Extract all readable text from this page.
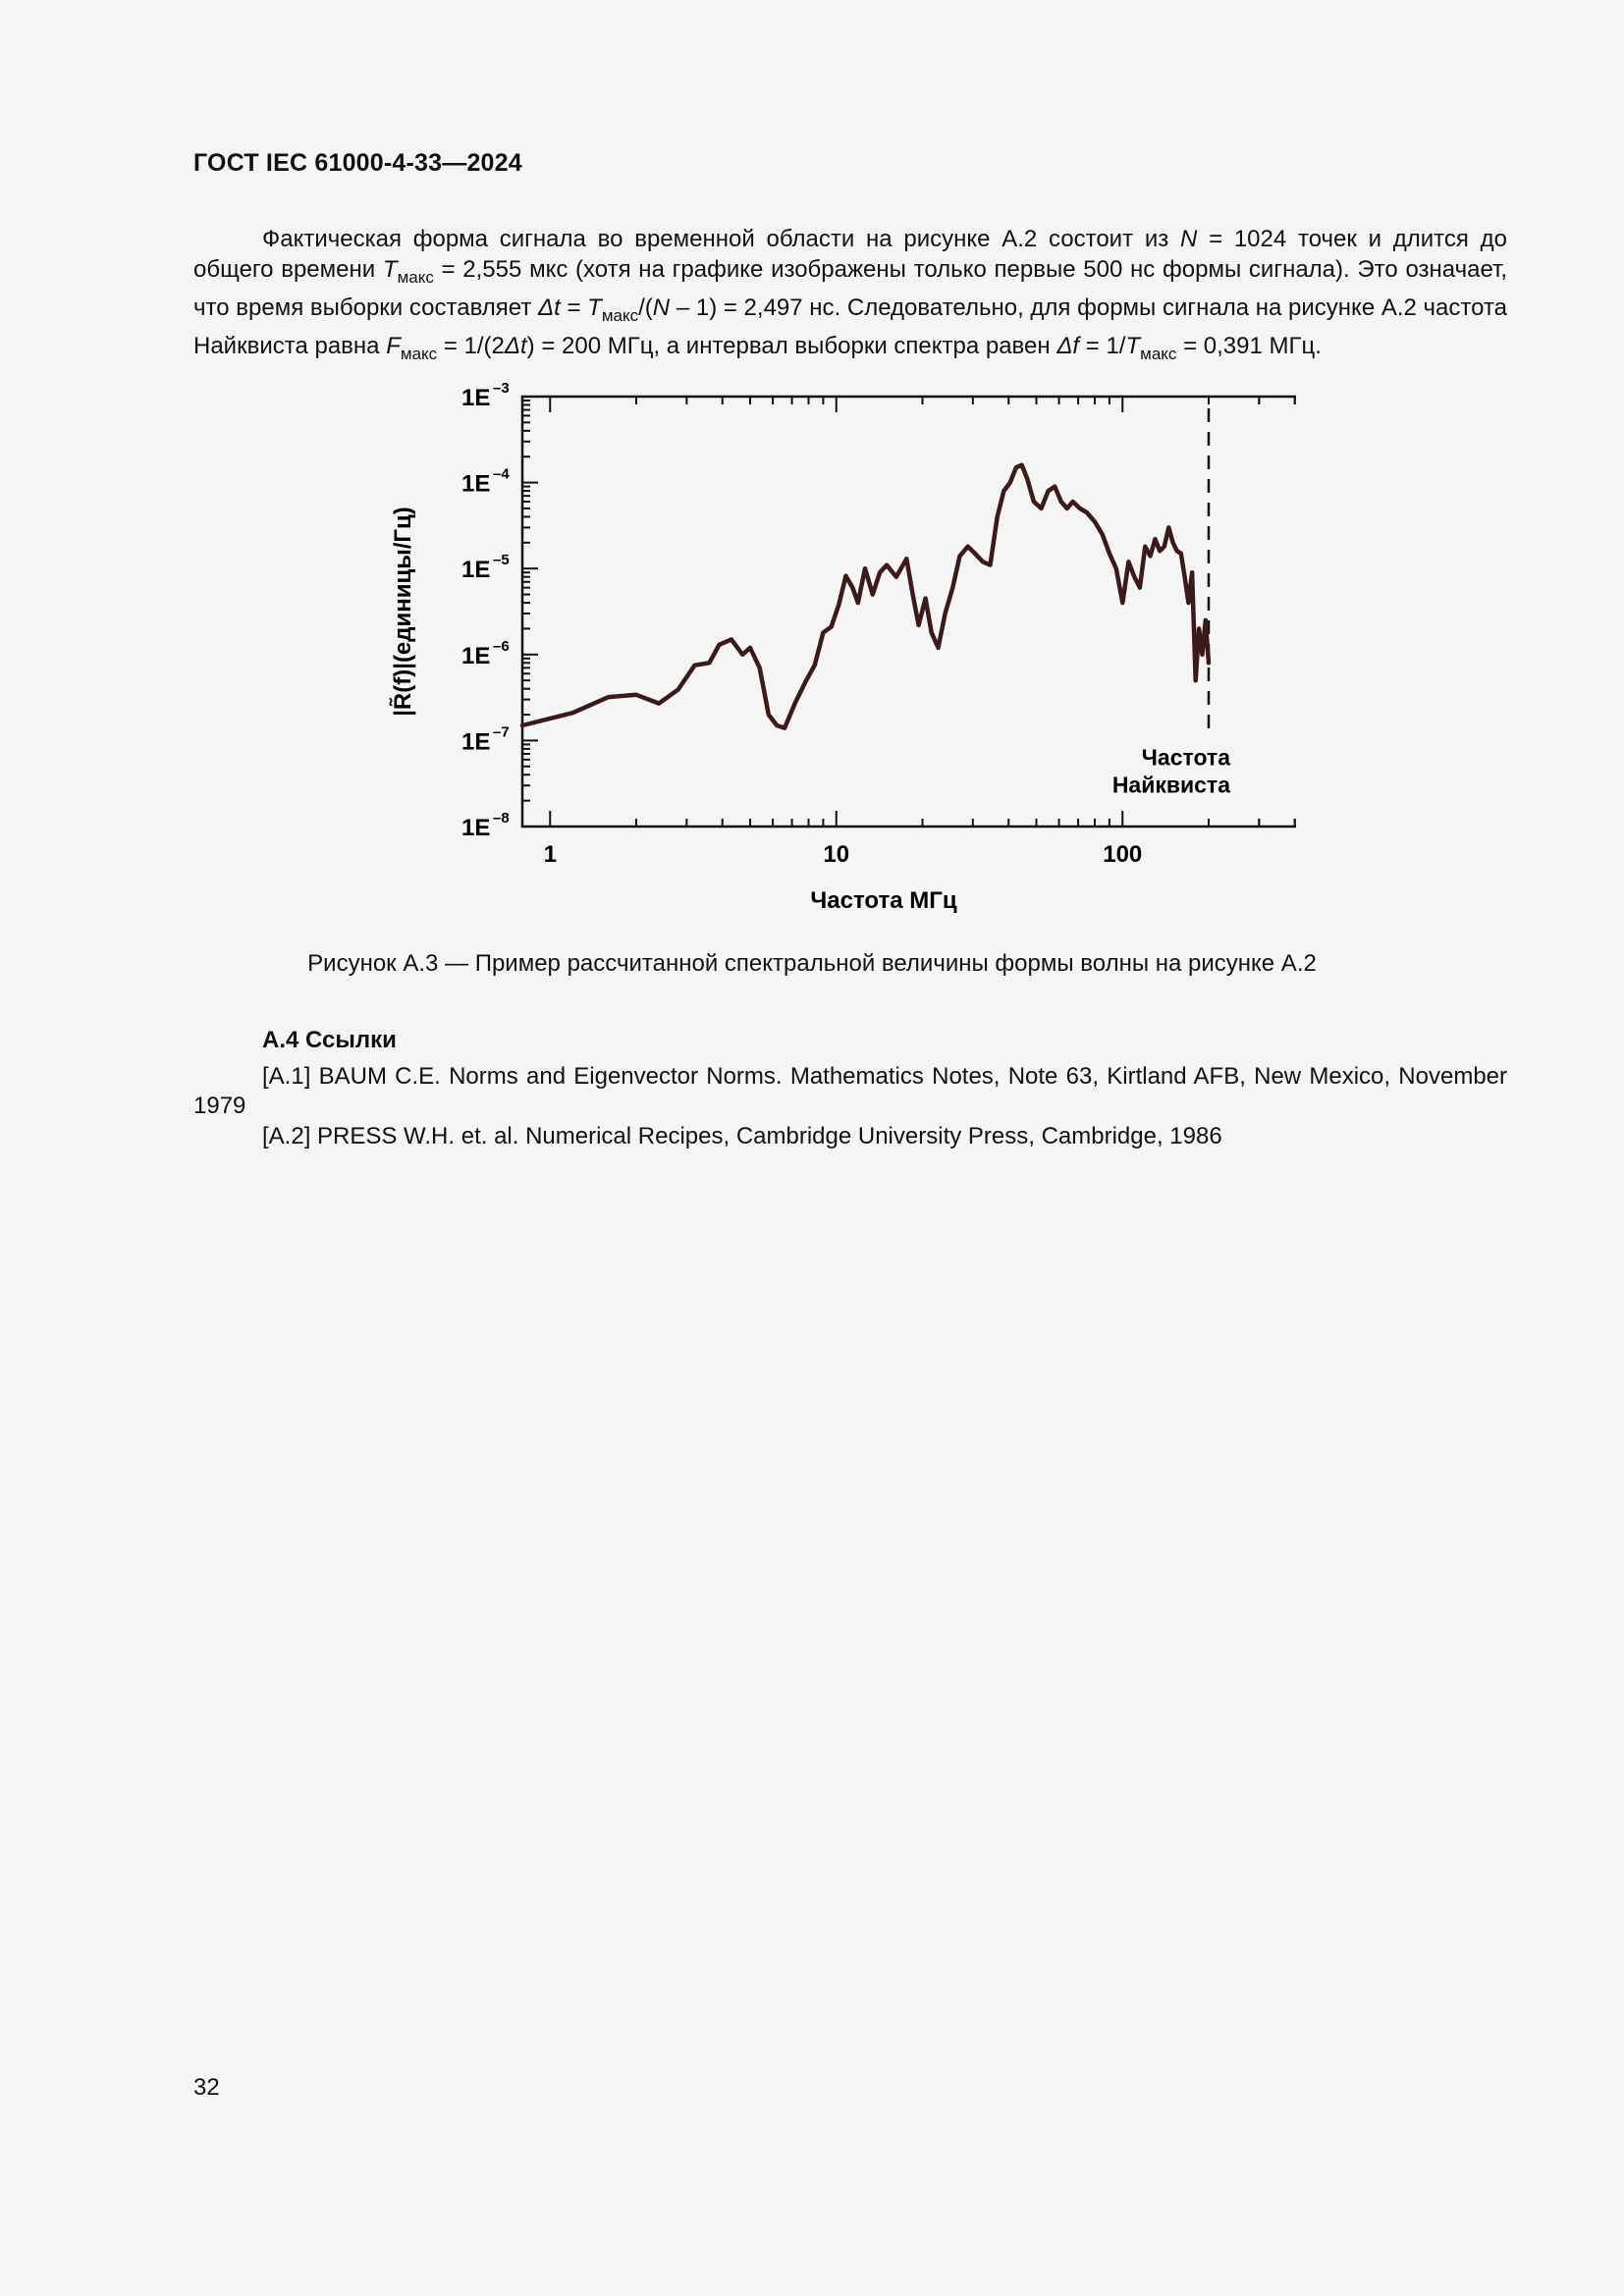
ГОСТ IEC 61000-4-33—2024
Фактическая форма сигнала во временной области на рисунке А.2 состоит из N = 1024 точек и длится до общего времени $T_{макс} = 2,555$ мкс (хотя на графике изображены только первые 500 нс формы сигнала). Это означает, что время выборки составляет $\Delta t = T_{макс}/(N - 1) = 2,497$ нс. Следовательно, для формы сигнала на рисунке А.2 частота Найквиста равна $F_{макс} = 1/(2\Delta t) = 200$ МГц, а интервал выборки спектра равен $\Delta f = 1/T_{макс} = 0,391$ МГц.
1	10	100
1E –3
1E –4
1E –5
1E –6
1E –7
1E –8
Частота
Найквиста
Частота МГц
|R̃(f)|(единицы/Гц)
Рисунок А.3 — Пример рассчитанной спектральной величины формы волны на рисунке А.2
А.4 Ссылки
[A.1] BAUM C.E. Norms and Eigenvector Norms. Mathematics Notes, Note 63, Kirtland AFB, New Mexico, November 1979
[A.2] PRESS W.H. et. al. Numerical Recipes, Cambridge University Press, Cambridge, 1986
32
